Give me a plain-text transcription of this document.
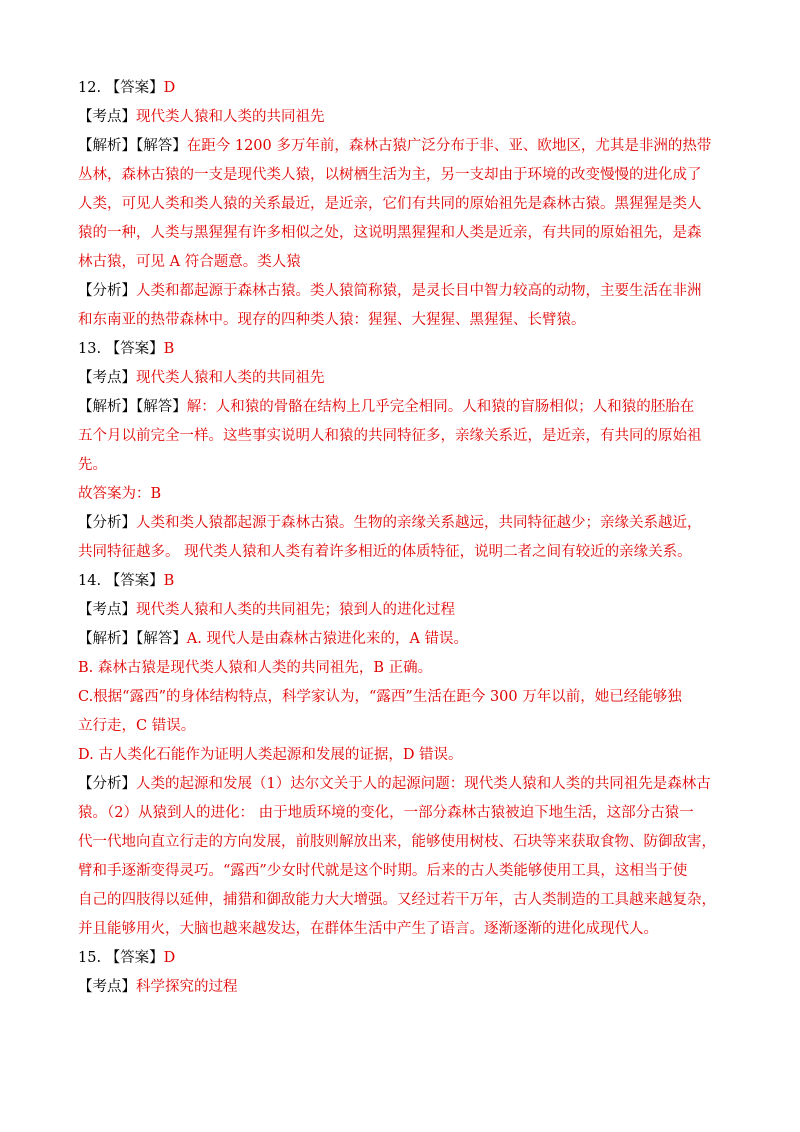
12. 【答案】D
【考点】现代类人猿和人类的共同祖先
【解析】【解答】在距今 1200 多万年前，森林古猿广泛分布于非、亚、欧地区，尤其是非洲的热带
丛林，森林古猿的一支是现代类人猿，以树栖生活为主，另一支却由于环境的改变慢慢的进化成了
人类，可见人类和类人猿的关系最近，是近亲，它们有共同的原始祖先是森林古猿。黑猩猩是类人
猿的一种，人类与黑猩猩有许多相似之处，这说明黑猩猩和人类是近亲，有共同的原始祖先，是森
林古猿，可见 A 符合题意。类人猿
【分析】人类和都起源于森林古猿。类人猿简称猿，是灵长目中智力较高的动物，主要生活在非洲
和东南亚的热带森林中。现存的四种类人猿：猩猩、大猩猩、黑猩猩、长臂猿。
13. 【答案】B
【考点】现代类人猿和人类的共同祖先
【解析】【解答】解：人和猿的骨骼在结构上几乎完全相同。人和猿的盲肠相似；人和猿的胚胎在
五个月以前完全一样。这些事实说明人和猿的共同特征多，亲缘关系近，是近亲，有共同的原始祖
先。
故答案为：B
【分析】人类和类人猿都起源于森林古猿。生物的亲缘关系越远，共同特征越少；亲缘关系越近，
共同特征越多。 现代类人猿和人类有着许多相近的体质特征，说明二者之间有较近的亲缘关系。
14. 【答案】B
【考点】现代类人猿和人类的共同祖先；猿到人的进化过程
【解析】【解答】A. 现代人是由森林古猿进化来的，A 错误。
B. 森林古猿是现代类人猿和人类的共同祖先，B 正确。
C.根据“露西”的身体结构特点，科学家认为，“露西”生活在距今 300 万年以前，她已经能够独
立行走，C 错误。
D. 古人类化石能作为证明人类起源和发展的证据，D 错误。
【分析】人类的起源和发展（1）达尔文关于人的起源问题：现代类人猿和人类的共同祖先是森林古
猿。（2）从猿到人的进化： 由于地质环境的变化，一部分森林古猿被迫下地生活，这部分古猿一
代一代地向直立行走的方向发展，前肢则解放出来，能够使用树枝、石块等来获取食物、防御敌害，
臂和手逐渐变得灵巧。“露西”少女时代就是这个时期。后来的古人类能够使用工具，这相当于使
自己的四肢得以延伸，捕猎和御敌能力大大增强。又经过若干万年，古人类制造的工具越来越复杂，
并且能够用火，大脑也越来越发达，在群体生活中产生了语言。逐渐逐渐的进化成现代人。
15. 【答案】D
【考点】科学探究的过程
